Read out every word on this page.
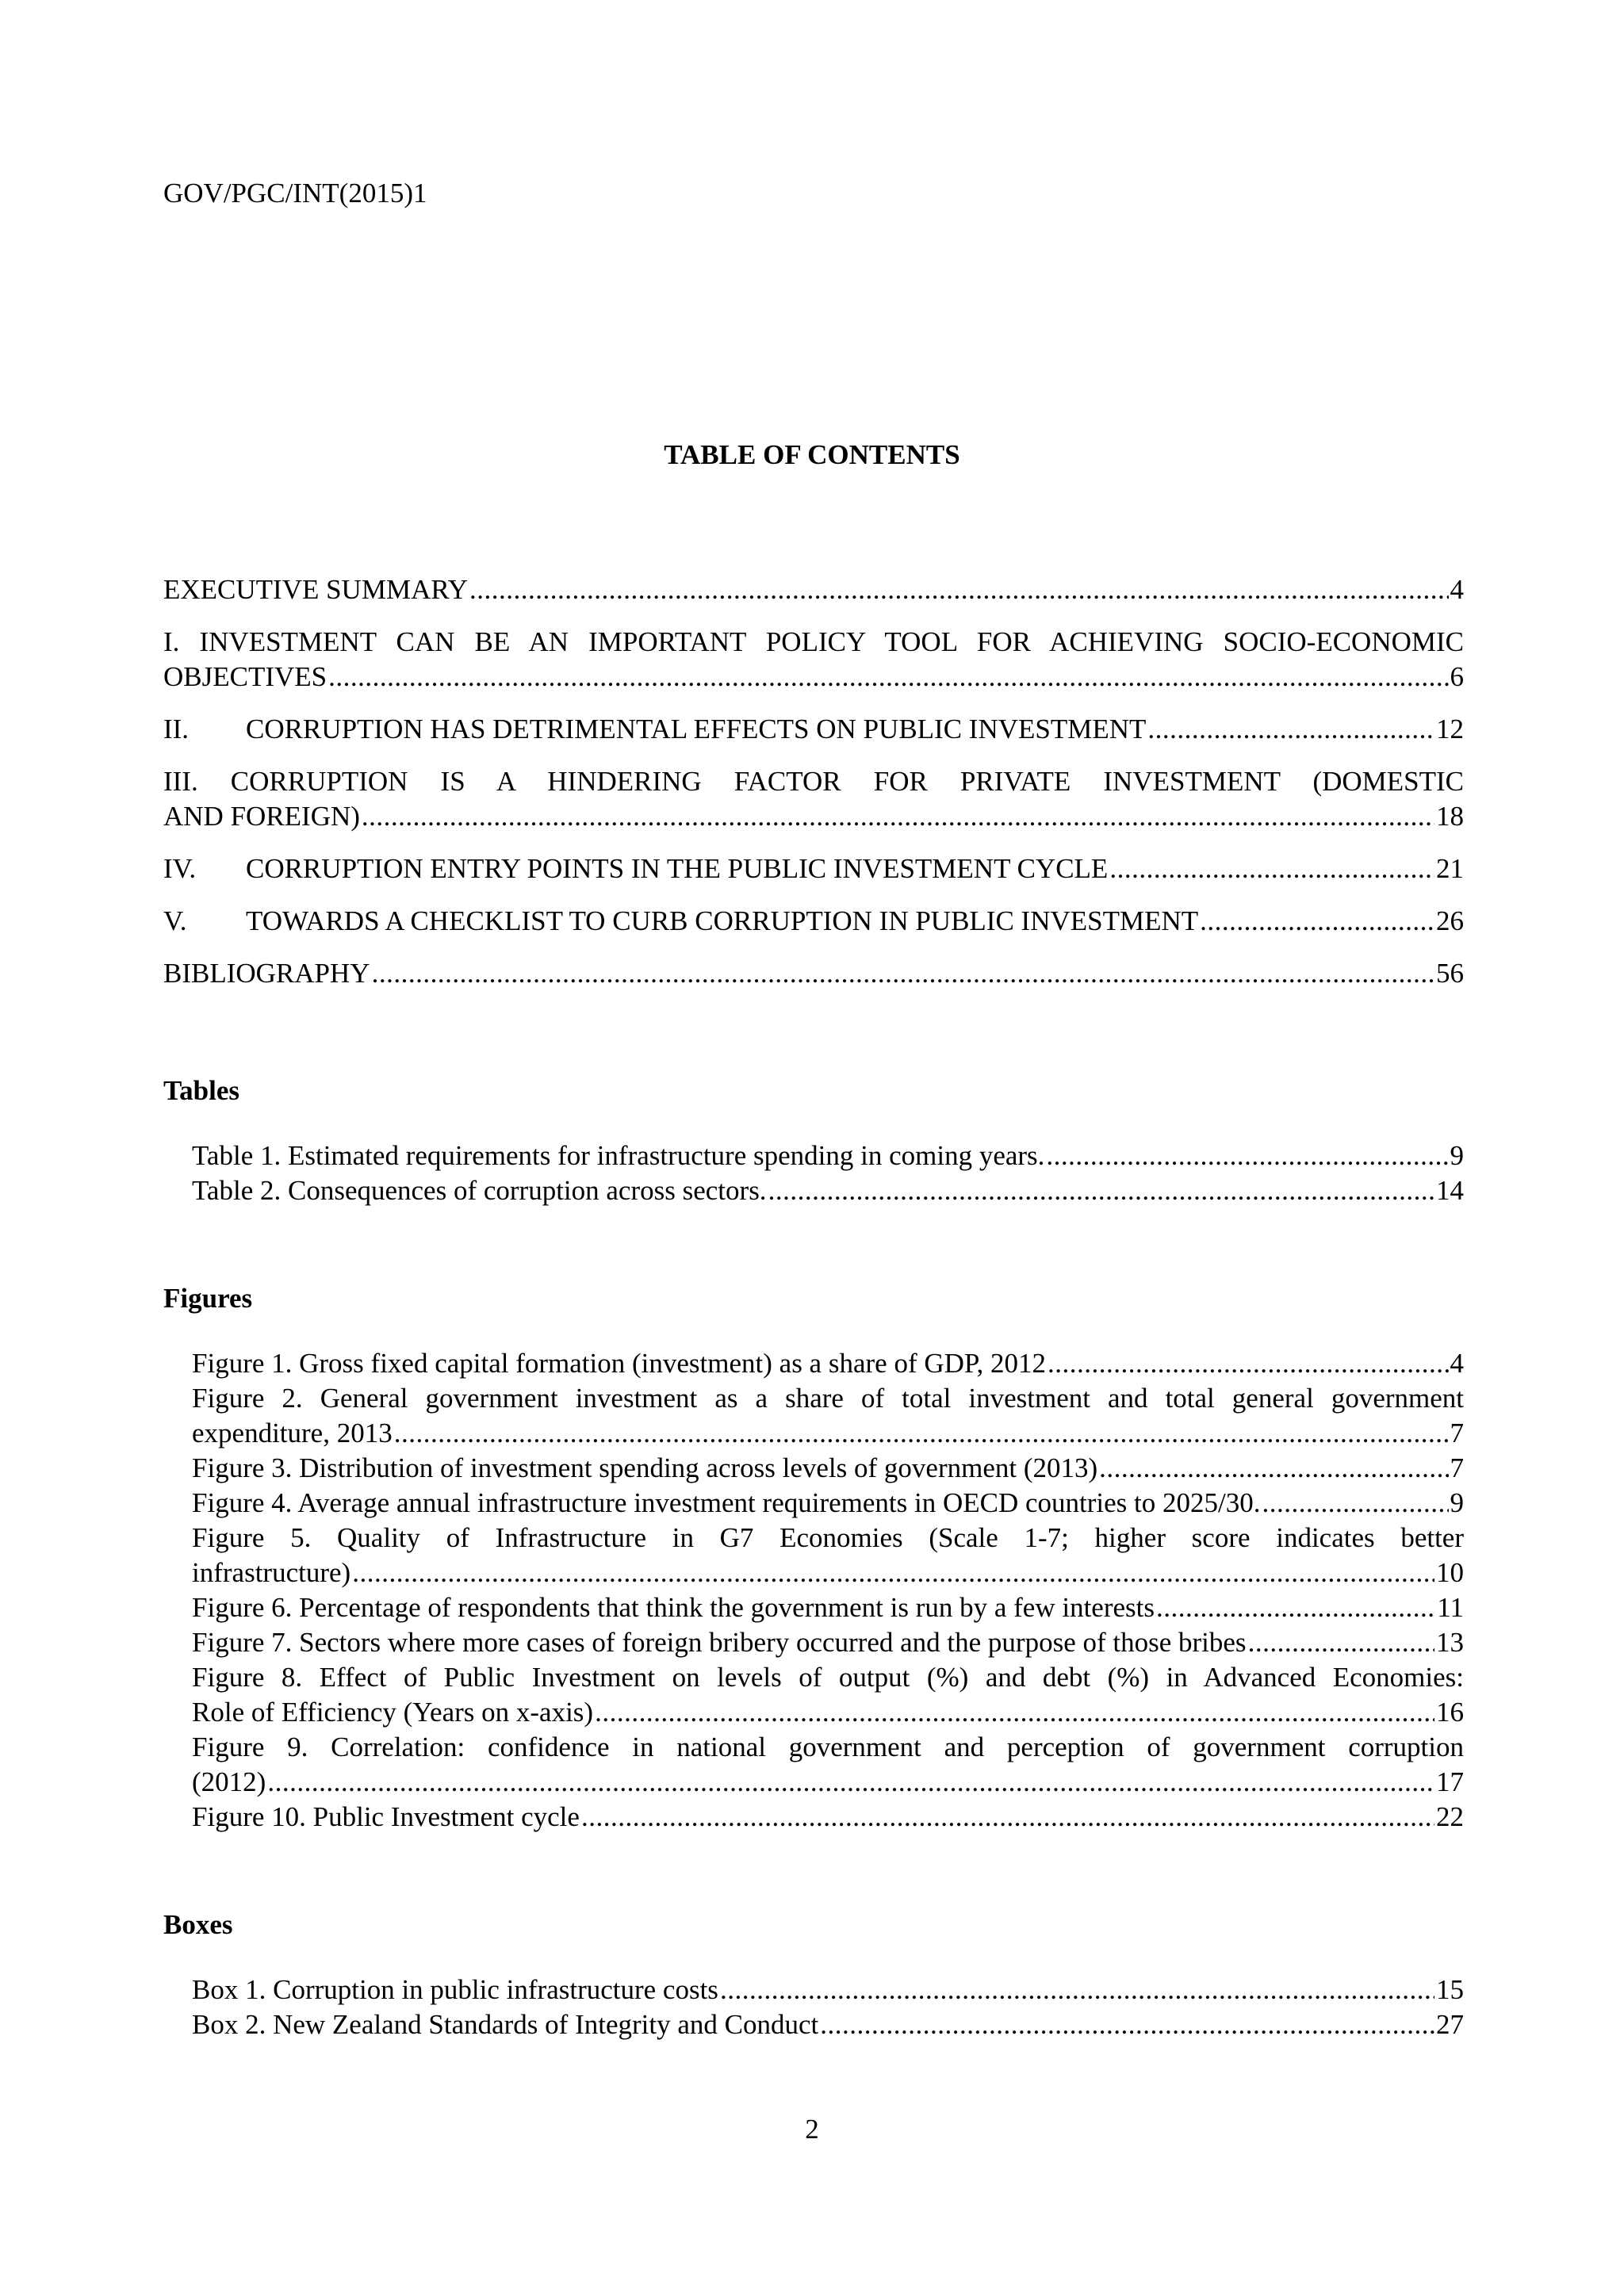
GOV/PGC/INT(2015)1
TABLE OF CONTENTS
EXECUTIVE SUMMARY .....	4
I. INVESTMENT CAN BE AN IMPORTANT POLICY TOOL FOR ACHIEVING SOCIO-ECONOMIC
OBJECTIVES .....	6
II.	CORRUPTION HAS DETRIMENTAL EFFECTS ON PUBLIC INVESTMENT .....	12
III. CORRUPTION IS A HINDERING FACTOR FOR PRIVATE INVESTMENT (DOMESTIC
AND FOREIGN) .....	18
IV.	CORRUPTION ENTRY POINTS IN THE PUBLIC INVESTMENT CYCLE .....	21
V.	TOWARDS A CHECKLIST TO CURB CORRUPTION IN PUBLIC INVESTMENT .....	26
BIBLIOGRAPHY .....	56
Tables
Table 1. Estimated requirements for infrastructure spending in coming years. .....	9
Table 2. Consequences of corruption across sectors. .....	14
Figures
Figure 1. Gross fixed capital formation (investment) as a share of GDP, 2012 .....	4
Figure 2. General government investment as a share of total investment and total general government
expenditure, 2013 .....	7
Figure 3. Distribution of investment spending across levels of government (2013) .....	7
Figure 4. Average annual infrastructure investment requirements in OECD countries to 2025/30. .....	9
Figure 5. Quality of Infrastructure in G7 Economies (Scale 1-7; higher score indicates better
infrastructure) .....	10
Figure 6. Percentage of respondents that think the government is run by a few interests .....	11
Figure 7. Sectors where more cases of foreign bribery occurred and the purpose of those bribes .....	13
Figure 8. Effect of Public Investment on levels of output (%) and debt (%) in Advanced Economies:
Role of Efficiency (Years on x-axis) .....	16
Figure 9. Correlation: confidence in national government and perception of government corruption
(2012) .....	17
Figure 10. Public Investment cycle .....	22
Boxes
Box 1. Corruption in public infrastructure costs .....	15
Box 2. New Zealand Standards of Integrity and Conduct .....	27
2
